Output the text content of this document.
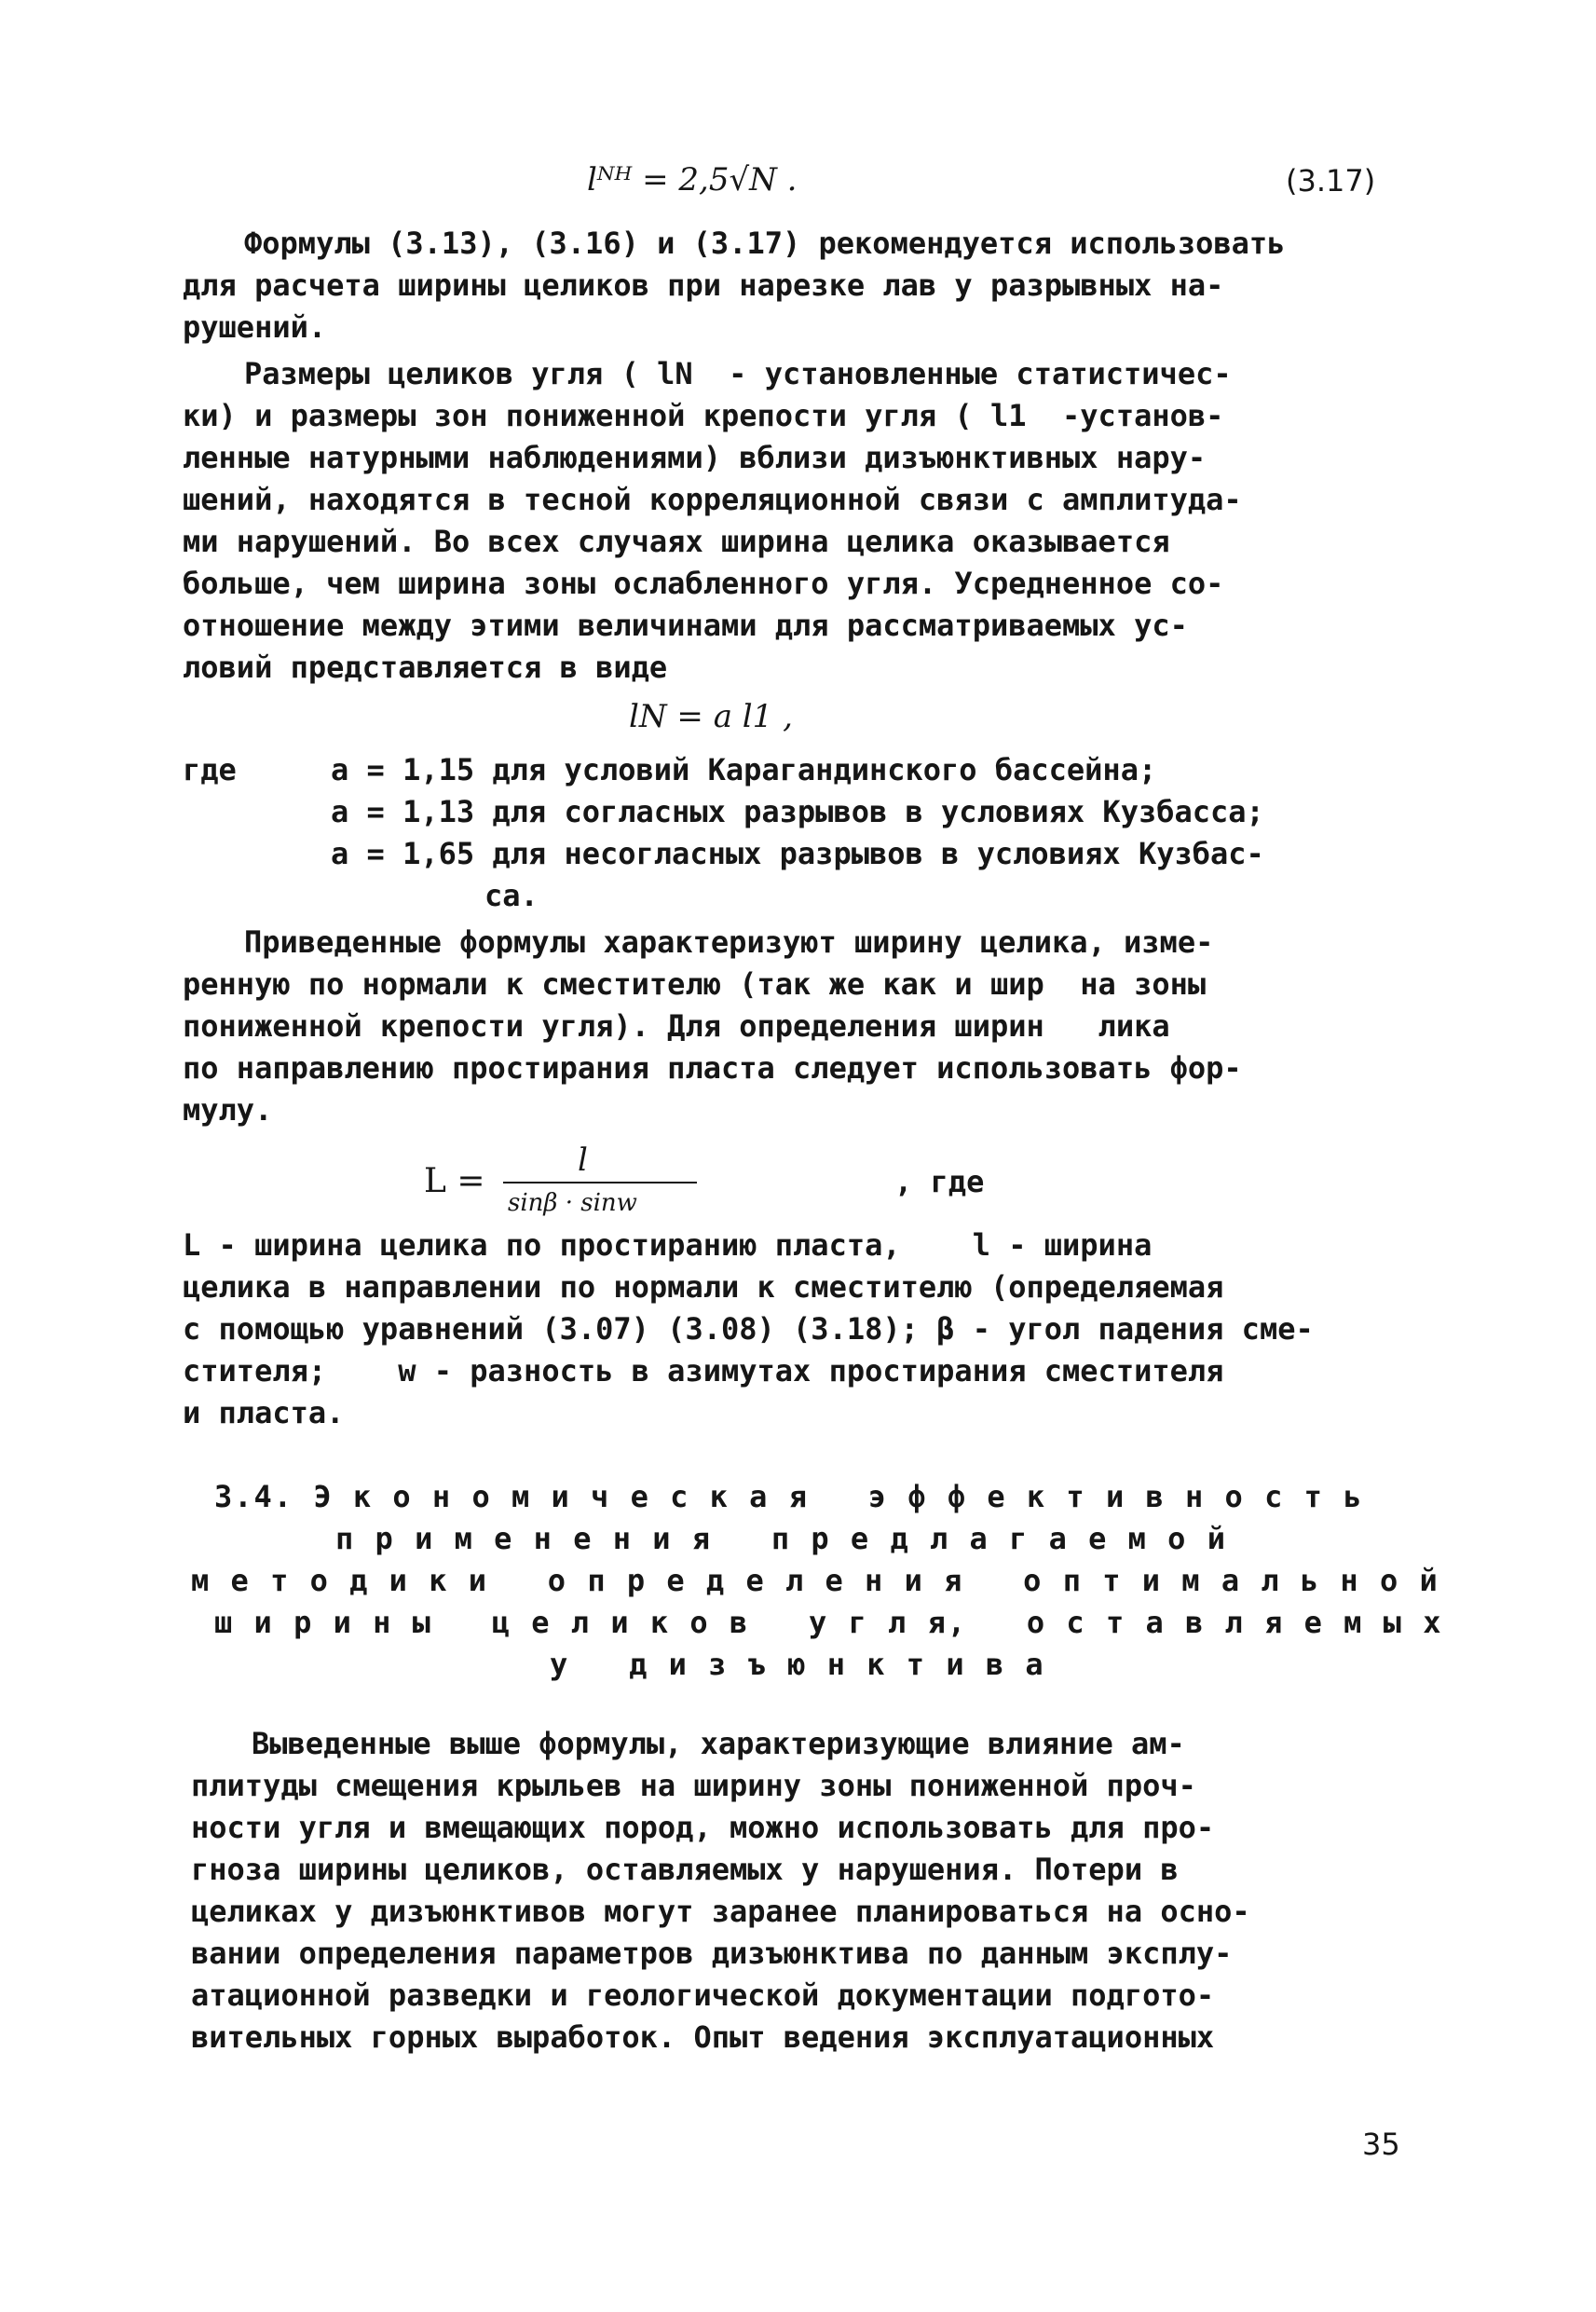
lᴺᴴ = 2,5√N .	(3.17)
Формулы (3.13), (3.16) и (3.17) рекомендуется использовать
для расчета ширины целиков при нарезке лав у разрывных на-
рушений.
Размеры целиков угля ( lN  - установленные статистичес-
ки) и размеры зон пониженной крепости угля ( l1  -установ-
ленные натурными наблюдениями) вблизи дизъюнктивных нару-
шений, находятся в тесной корреляционной связи с амплитуда-
ми нарушений. Во всех случаях ширина целика оказывается
больше, чем ширина зоны ослабленного угля. Усредненное со-
отношение между этими величинами для рассматриваемых ус-
ловий представляется в виде
lN = a l1 ,
где	a = 1,15 для условий Карагандинского бассейна;
a = 1,13 для согласных разрывов в условиях Кузбасса;
a = 1,65 для несогласных разрывов в условиях Кузбас-
са.
Приведенные формулы характеризуют ширину целика, изме-
ренную по нормали к сместителю (так же как и шир  на зоны
пониженной крепости угля). Для определения ширин   лика
по направлению простирания пласта следует использовать фор-
мулу.
L =
l
sinβ · sinw
, где
L - ширина целика по простиранию пласта,    l - ширина
целика в направлении по нормали к сместителю (определяемая
с помощью уравнений (3.07) (3.08) (3.18); β - угол падения сме-
стителя;    w - разность в азимутах простирания сместителя
и пласта.
3.4. Э к о н о м и ч е с к а я   э ф ф е к т и в н о с т ь
п р и м е н е н и я   п р е д л а г а е м о й
м е т о д и к и   о п р е д е л е н и я   о п т и м а л ь н о й
ш и р и н ы   ц е л и к о в   у г л я,   о с т а в л я е м ы х
у   д и з ъ ю н к т и в а
Выведенные выше формулы, характеризующие влияние ам-
плитуды смещения крыльев на ширину зоны пониженной проч-
ности угля и вмещающих пород, можно использовать для про-
гноза ширины целиков, оставляемых у нарушения. Потери в
целиках у дизъюнктивов могут заранее планироваться на осно-
вании определения параметров дизъюнктива по данным эксплу-
атационной разведки и геологической документации подгото-
вительных горных выработок. Опыт ведения эксплуатационных
35
